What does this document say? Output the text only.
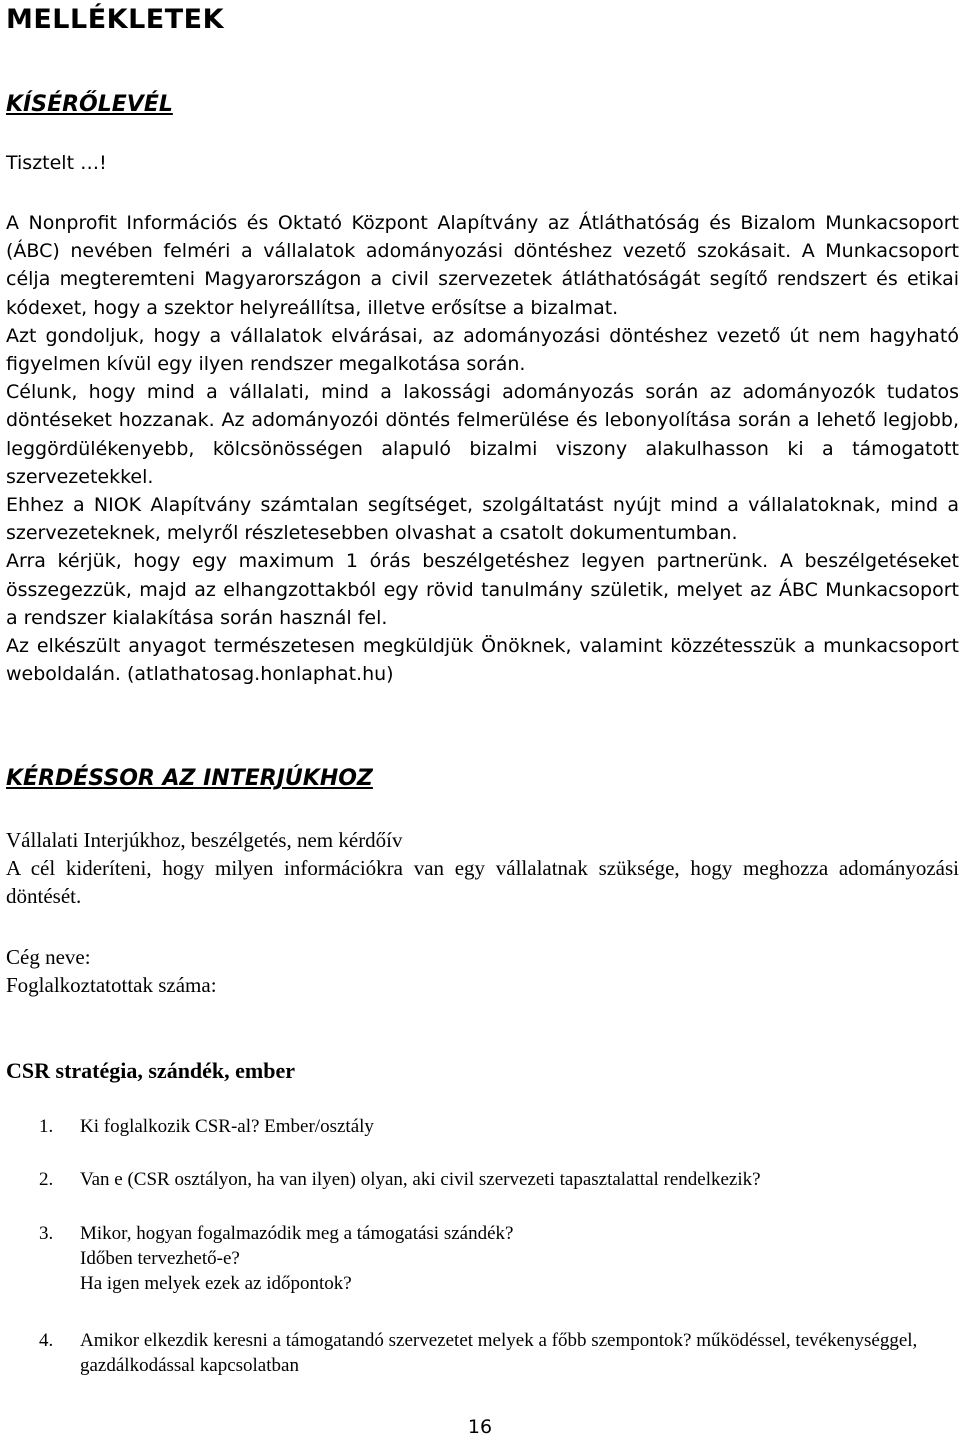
MELLÉKLETEK
KÍSÉRŐLEVÉL
Tisztelt …!

A Nonprofit Információs és Oktató Központ Alapítvány az Átláthatóság és Bizalom Munkacsoport (ÁBC) nevében felméri a vállalatok adományozási döntéshez vezető szokásait. A Munkacsoport célja megteremteni Magyarországon a civil szervezetek átláthatóságát segítő rendszert és etikai kódexet, hogy a szektor helyreállítsa, illetve erősítse a bizalmat.

Azt gondoljuk, hogy a vállalatok elvárásai, az adományozási döntéshez vezető út nem hagyható figyelmen kívül egy ilyen rendszer megalkotása során.

Célunk, hogy mind a vállalati, mind a lakossági adományozás során az adományozók tudatos döntéseket hozzanak. Az adományozói döntés felmerülése és lebonyolítása során a lehető legjobb, leggördülékenyebb, kölcsönösségen alapuló bizalmi viszony alakulhasson ki a támogatott szervezetekkel.

Ehhez a NIOK Alapítvány számtalan segítséget, szolgáltatást nyújt mind a vállalatoknak, mind a szervezeteknek, melyről részletesebben olvashat a csatolt dokumentumban.

Arra kérjük, hogy egy maximum 1 órás beszélgetéshez legyen partnerünk. A beszélgetéseket összegezzük, majd az elhangzottakból egy rövid tanulmány születik, melyet az ÁBC Munkacsoport a rendszer kialakítása során használ fel.

Az elkészült anyagot természetesen megküldjük Önöknek, valamint közzétesszük a munkacsoport weboldalán. (atlathatosag.honlaphat.hu)

KÉRDÉSSOR AZ INTERJÚKHOZ

Vállalati Interjúkhoz, beszélgetés, nem kérdőív

A cél kideríteni, hogy milyen információkra van egy vállalatnak szüksége, hogy meghozza adományozási döntését.

Cég neve:

Foglalkoztatottak száma:

CSR stratégia, szándék, ember
1.	Ki foglalkozik CSR-al? Ember/osztály
2.	Van e (CSR osztályon, ha van ilyen) olyan, aki civil szervezeti tapasztalattal rendelkezik?
3.	Mikor, hogyan fogalmazódik meg a támogatási szándék?
Időben tervezhető-e?
Ha igen melyek ezek az időpontok?
4.	Amikor elkezdik keresni a támogatandó szervezetet melyek a főbb szempontok? működéssel, tevékenységgel, gazdálkodással kapcsolatban
16
